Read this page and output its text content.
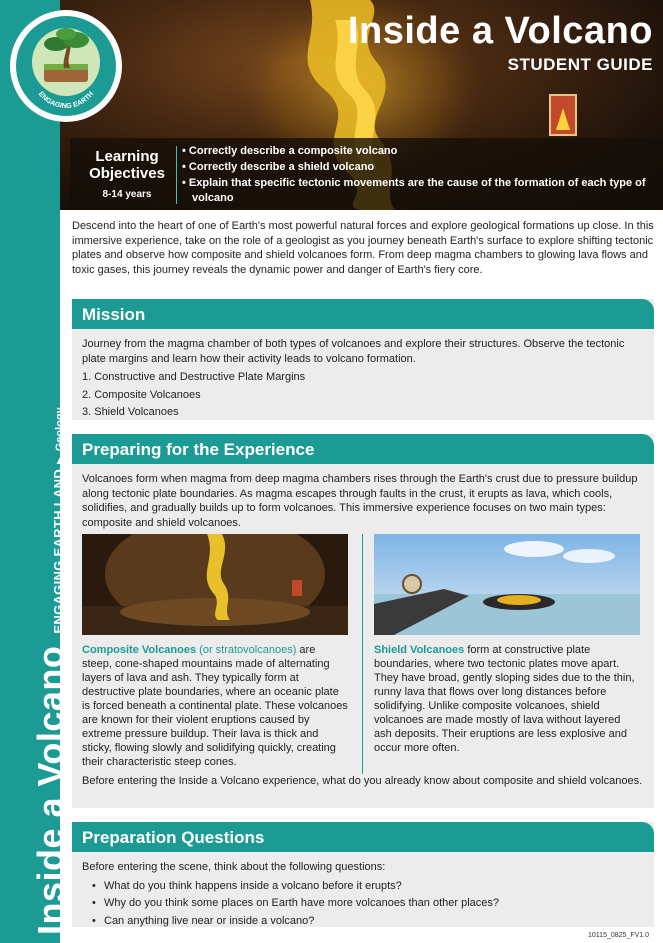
Inside a Volcano
ENGAGING EARTH LAND
▶
Geology
Inside a Volcano
STUDENT GUIDE
Learning
Objectives
8-14 years
• Correctly describe a composite volcano
• Correctly describe a shield volcano
• Explain that specific tectonic movements are the cause of the formation of each type of volcano
ENGAGING EARTH
Descend into the heart of one of Earth's most powerful natural forces and explore geological formations up close. In this immersive experience, take on the role of a geologist as you journey beneath Earth's surface to explore shifting tectonic plates and observe how composite and shield volcanoes form. From deep magma chambers to glowing lava flows and toxic gases, this journey reveals the dynamic power and danger of Earth's fiery core.
Mission

Journey from the magma chamber of both types of volcanoes and explore their structures. Observe the tectonic plate margins and learn how their activity leads to volcano formation.

1. Constructive and Destructive Plate Margins
2. Composite Volcanoes
3. Shield Volcanoes
Preparing for the Experience

Volcanoes form when magma from deep magma chambers rises through the Earth's crust due to pressure buildup along tectonic plate boundaries. As magma escapes through faults in the crust, it erupts as lava, which cools, solidifies, and gradually builds up to form volcanoes. This immersive experience focuses on two main types: composite and shield volcanoes.

Composite Volcanoes (or stratovolcanoes) are steep, cone-shaped mountains made of alternating layers of lava and ash. They typically form at destructive plate boundaries, where an oceanic plate is forced beneath a continental plate. These volcanoes are known for their violent eruptions caused by extreme pressure buildup. Their lava is thick and sticky, flowing slowly and solidifying quickly, creating their characteristic steep cones.
Shield Volcanoes form at constructive plate boundaries, where two tectonic plates move apart. They have broad, gently sloping sides due to the thin, runny lava that flows over long distances before solidifying. Unlike composite volcanoes, shield volcanoes are made mostly of lava without layered ash deposits. Their eruptions are less explosive and occur more often.

Before entering the Inside a Volcano experience, what do you already know about composite and shield volcanoes.

Preparation Questions

Before entering the scene, think about the following questions:

• What do you think happens inside a volcano before it erupts?
• Why do you think some places on Earth have more volcanoes than other places?
• Can anything live near or inside a volcano?
10115_0825_FV1.0
